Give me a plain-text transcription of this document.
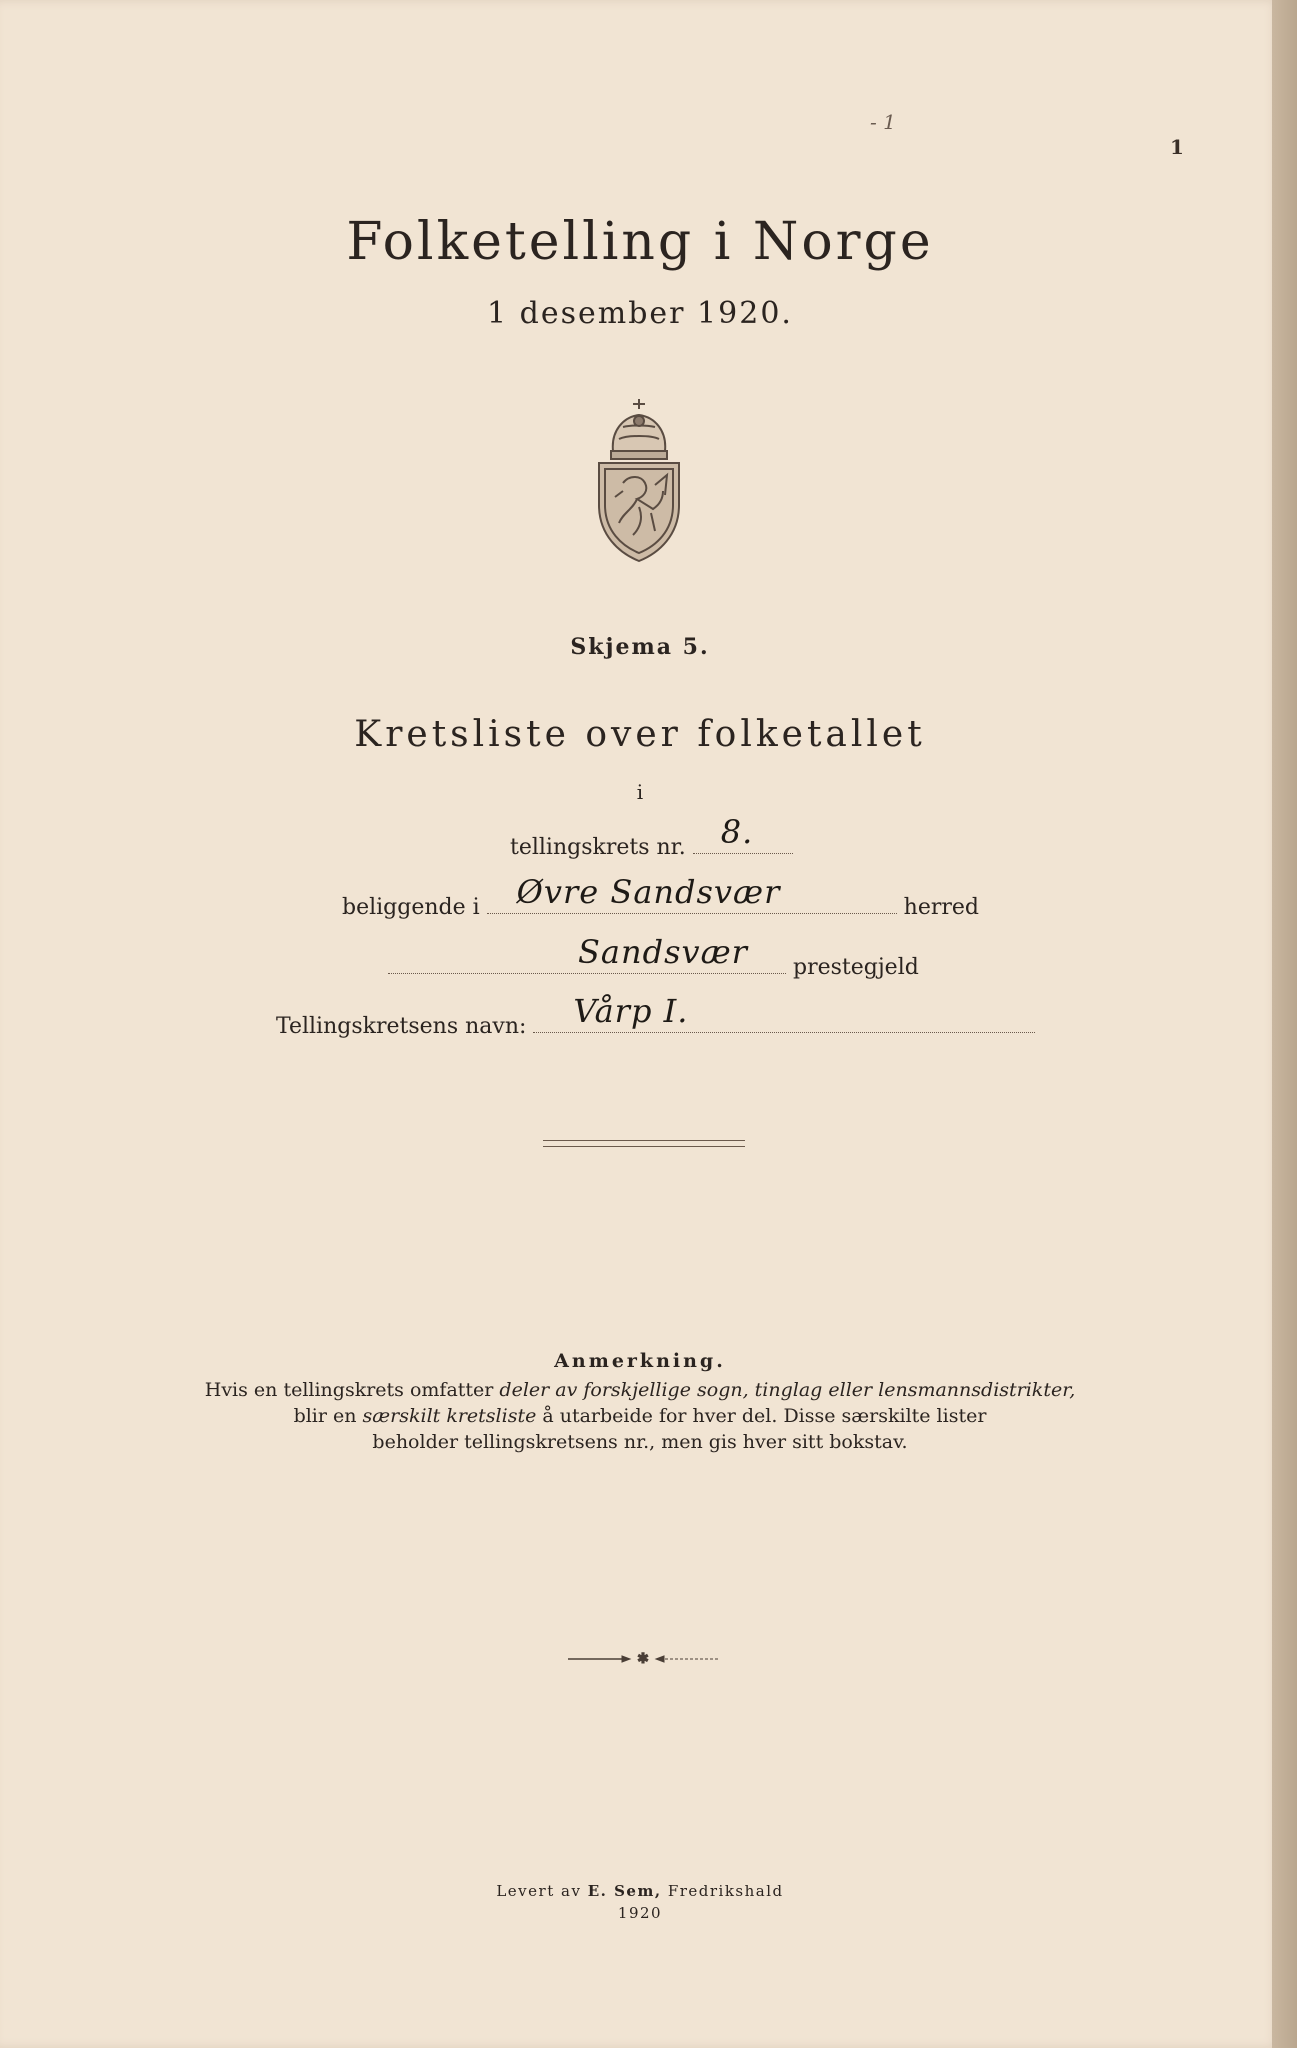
- 1
1
Folketelling i Norge
1 desember 1920.
Skjema 5.
Kretsliste over folketallet
i
tellingskrets nr. 8.
beliggende i Øvre Sandsvær	herred
Sandsvær prestegjeld
Tellingskretsens navn: Vårp I.
Anmerkning.
Hvis en tellingskrets omfatter deler av forskjellige sogn, tinglag eller lensmannsdistrikter,
blir en særskilt kretsliste å utarbeide for hver del. Disse særskilte lister
beholder tellingskretsens nr., men gis hver sitt bokstav.
✱
Levert av E. Sem, Fredrikshald
1920
